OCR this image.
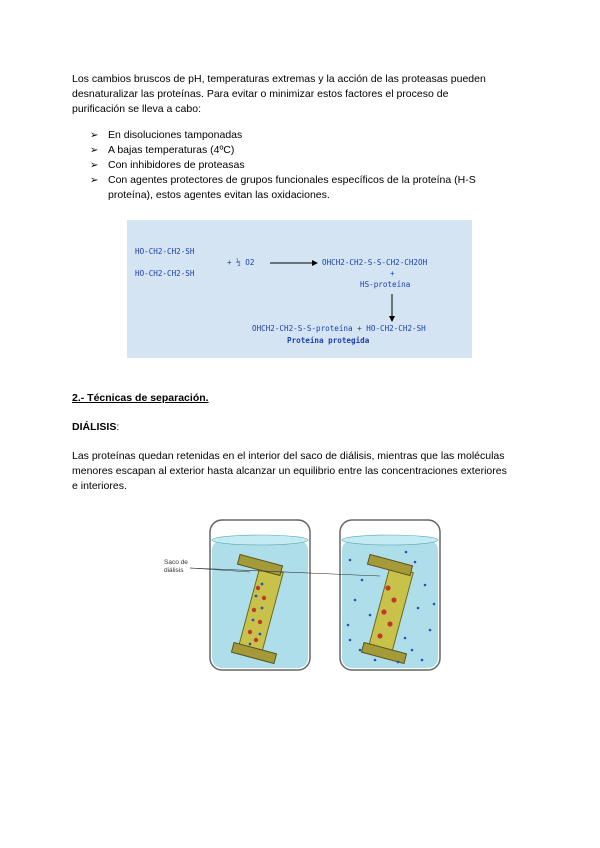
Los cambios bruscos de pH, temperaturas extremas y la acción de las proteasas pueden desnaturalizar las proteínas. Para evitar o minimizar estos factores el proceso de purificación se lleva a cabo:
➢ En disoluciones tamponadas
➢ A bajas temperaturas (4ºC)
➢ Con inhibidores de proteasas
➢ Con agentes protectores de grupos funcionales específicos de la proteína (H-S proteína), estos agentes evitan las oxidaciones.
HO-CH2-CH2-SH
HO-CH2-CH2-SH
+ ½ O2 → OHCH2-CH2-S-S-CH2-CH2OH
+
HS-proteína
OHCH2-CH2-S-S-proteína + HO-CH2-CH2-SH
Proteína protegida
2.- Técnicas de separación.
DIÁLISIS:
Las proteínas quedan retenidas en el interior del saco de diálisis, mientras que las moléculas menores escapan al exterior hasta alcanzar un equilibrio entre las concentraciones exteriores e interiores.
Saco de
diálisis
